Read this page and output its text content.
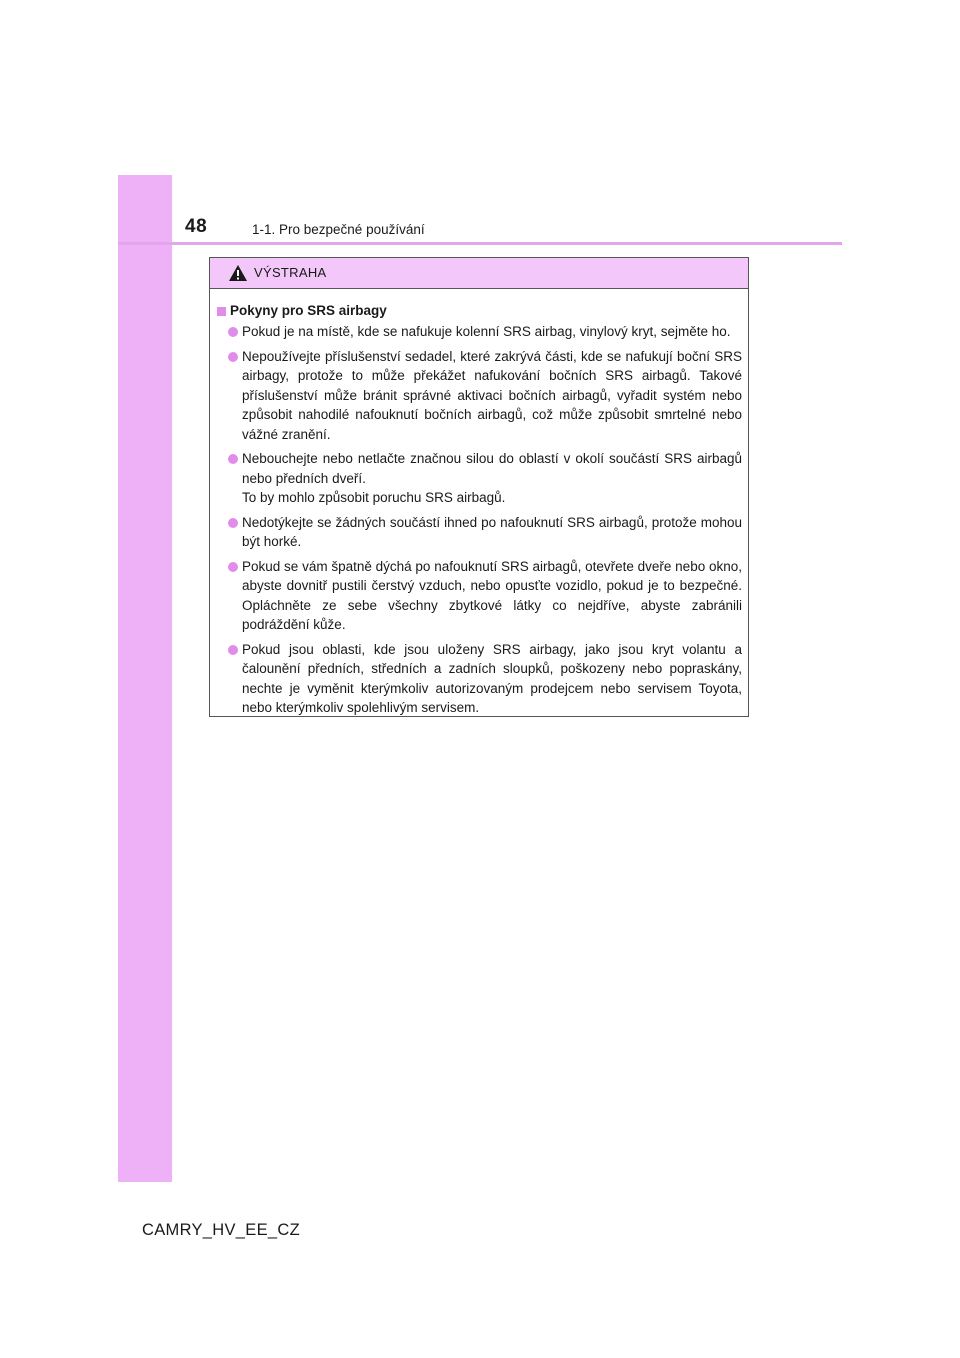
48	1-1. Pro bezpečné používání
VÝSTRAHA
Pokyny pro SRS airbagy
Pokud je na místě, kde se nafukuje kolenní SRS airbag, vinylový kryt, sejměte ho.
Nepoužívejte příslušenství sedadel, které zakrývá části, kde se nafukují boční SRS airbagy, protože to může překážet nafukování bočních SRS airbagů. Takové příslušenství může bránit správné aktivaci bočních airbagů, vyřadit systém nebo způsobit nahodilé nafouknutí bočních airbagů, což může způsobit smrtelné nebo vážné zranění.
Nebouchejte nebo netlačte značnou silou do oblastí v okolí součástí SRS airbagů nebo předních dveří.
To by mohlo způsobit poruchu SRS airbagů.
Nedotýkejte se žádných součástí ihned po nafouknutí SRS airbagů, protože mohou být horké.
Pokud se vám špatně dýchá po nafouknutí SRS airbagů, otevřete dveře nebo okno, abyste dovnitř pustili čerstvý vzduch, nebo opusťte vozidlo, pokud je to bezpečné. Opláchněte ze sebe všechny zbytkové látky co nejdříve, abyste zabránili podráždění kůže.
Pokud jsou oblasti, kde jsou uloženy SRS airbagy, jako jsou kryt volantu a čalounění předních, středních a zadních sloupků, poškozeny nebo popraskány, nechte je vyměnit kterýmkoliv autorizovaným prodejcem nebo servisem Toyota, nebo kterýmkoliv spolehlivým servisem.
CAMRY_HV_EE_CZ
